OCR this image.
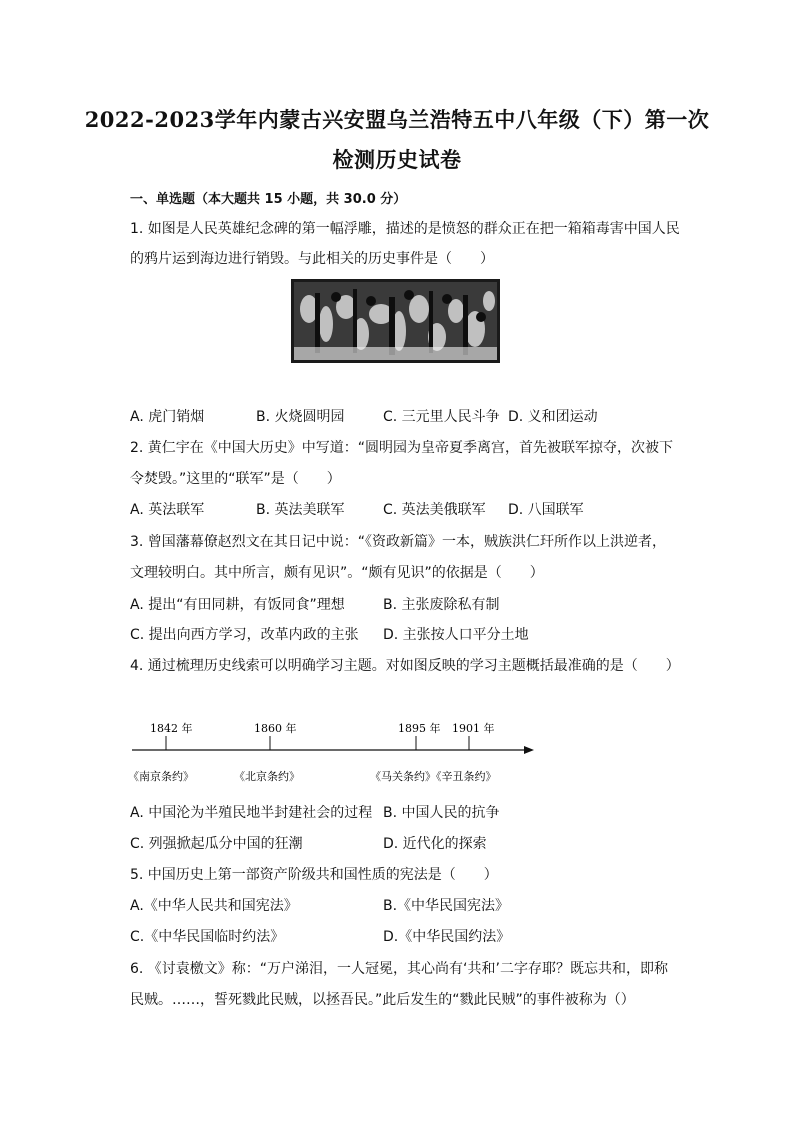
2022-2023学年内蒙古兴安盟乌兰浩特五中八年级（下）第一次
检测历史试卷
一、单选题（本大题共 15 小题，共 30.0 分）
1. 如图是人民英雄纪念碑的第一幅浮雕，描述的是愤怒的群众正在把一箱箱毒害中国人民
的鸦片运到海边进行销毁。与此相关的历史事件是（　　）
A. 虎门销烟	B. 火烧圆明园	C. 三元里人民斗争 D. 义和团运动
2. 黄仁宇在《中国大历史》中写道：“圆明园为皇帝夏季离宫，首先被联军掠夺，次被下
令焚毁。”这里的“联军”是（　　）
A. 英法联军	B. 英法美联军	C. 英法美俄联军 D. 八国联军
3. 曾国藩幕僚赵烈文在其日记中说：“《资政新篇》一本，贼族洪仁玕所作以上洪逆者，
文理较明白。其中所言，颇有见识”。“颇有见识”的依据是（　　）
A. 提出“有田同耕，有饭同食”理想	B. 主张废除私有制
C. 提出向西方学习，改革内政的主张 D. 主张按人口平分土地
4. 通过梳理历史线索可以明确学习主题。对如图反映的学习主题概括最准确的是（　　）
1842 年	1860 年	1895 年 1901 年
《南京条约》	《北京条约》	《马关条约》《辛丑条约》
A. 中国沦为半殖民地半封建社会的过程 B. 中国人民的抗争
C. 列强掀起瓜分中国的狂潮	D. 近代化的探索
5. 中国历史上第一部资产阶级共和国性质的宪法是（　　）
A.《中华人民共和国宪法》	B.《中华民国宪法》
C.《中华民国临时约法》	D.《中华民国约法》
6. 《讨袁檄文》称：“万户涕泪，一人冠冕，其心尚有‘共和’二字存耶？既忘共和，即称
民贼。……，誓死戮此民贼，以拯吾民。”此后发生的“戮此民贼”的事件被称为（）
